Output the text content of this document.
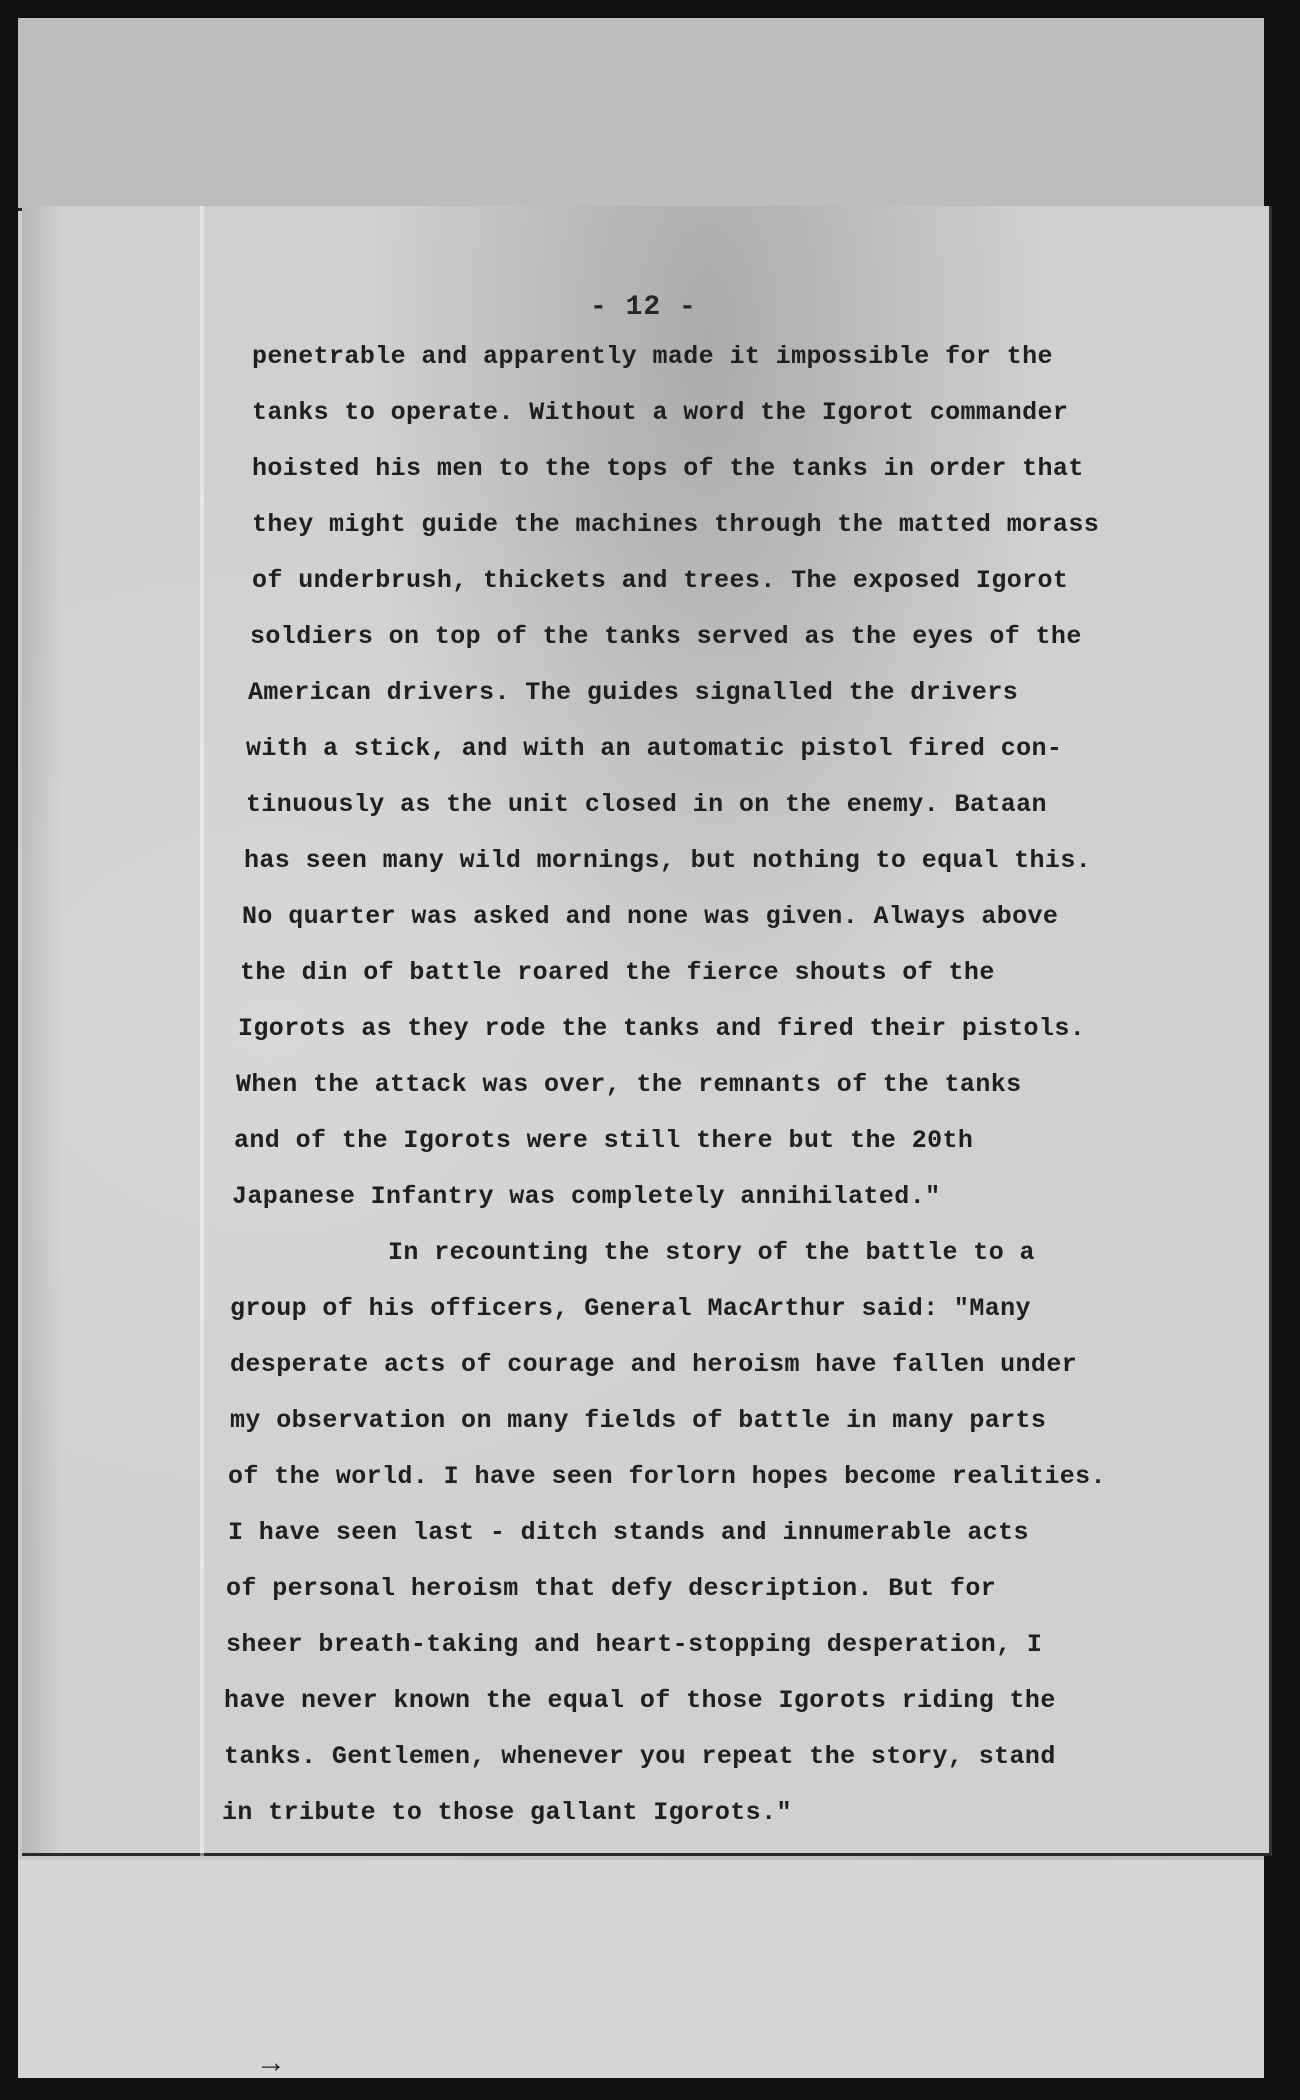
- 12 -
penetrable and apparently made it impossible for the
tanks to operate. Without a word the Igorot commander
hoisted his men to the tops of the tanks in order that
they might guide the machines through the matted morass
of underbrush, thickets and trees. The exposed Igorot
soldiers on top of the tanks served as the eyes of the
American drivers. The guides signalled the drivers
with a stick, and with an automatic pistol fired con-
tinuously as the unit closed in on the enemy. Bataan
has seen many wild mornings, but nothing to equal this.
No quarter was asked and none was given. Always above
the din of battle roared the fierce shouts of the
Igorots as they rode the tanks and fired their pistols.
When the attack was over, the remnants of the tanks
and of the Igorots were still there but the 20th
Japanese Infantry was completely annihilated."
In recounting the story of the battle to a
group of his officers, General MacArthur said: "Many
desperate acts of courage and heroism have fallen under
my observation on many fields of battle in many parts
of the world. I have seen forlorn hopes become realities.
I have seen last - ditch stands and innumerable acts
of personal heroism that defy description. But for
sheer breath-taking and heart-stopping desperation, I
have never known the equal of those Igorots riding the
tanks. Gentlemen, whenever you repeat the story, stand
in tribute to those gallant Igorots."
→
